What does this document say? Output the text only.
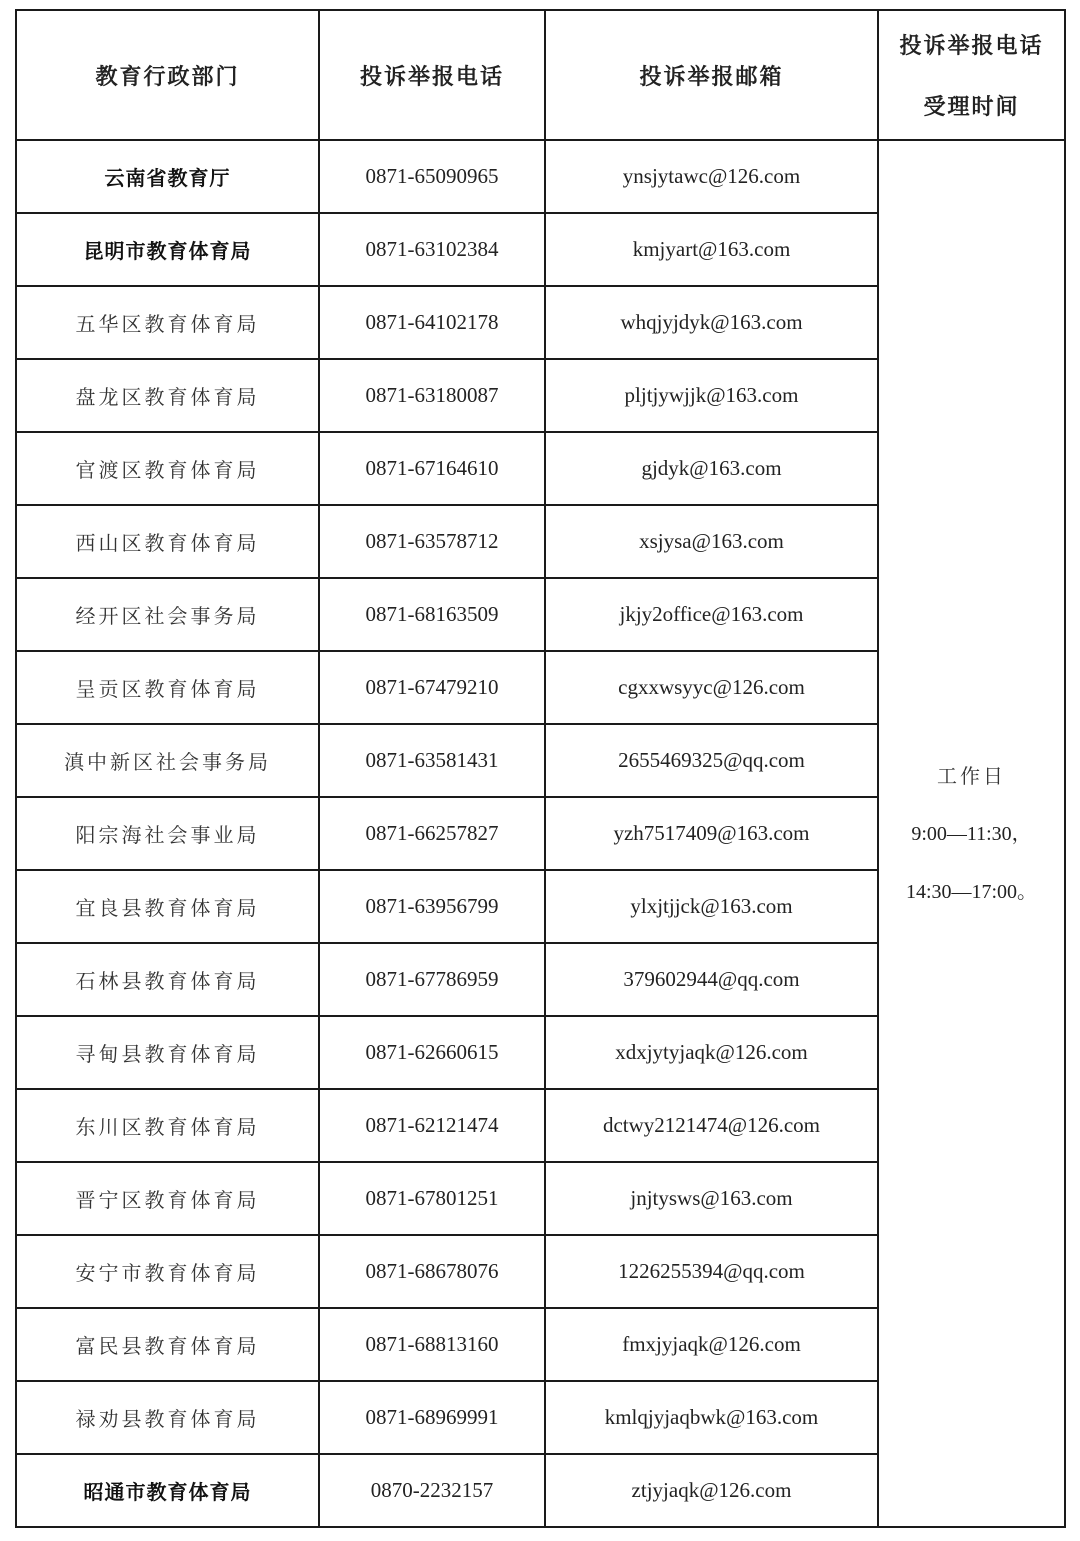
教育行政部门	投诉举报电话	投诉举报邮箱	投诉举报电话
受理时间

云南省教育厅	0871-65090965	ynsjytawc@126.com	工作日
9:00—11:30，
14:30—17:00。

昆明市教育体育局	0871-63102384	kmjyart@163.com	
五华区教育体育局	0871-64102178	whqjyjdyk@163.com	
盘龙区教育体育局	0871-63180087	pljtjywjjk@163.com	
官渡区教育体育局	0871-67164610	gjdyk@163.com	
西山区教育体育局	0871-63578712	xsjysa@163.com	
经开区社会事务局	0871-68163509	jkjy2office@163.com	
呈贡区教育体育局	0871-67479210	cgxxwsyyc@126.com	
滇中新区社会事务局	0871-63581431	2655469325@qq.com	
阳宗海社会事业局	0871-66257827	yzh7517409@163.com	
宜良县教育体育局	0871-63956799	ylxjtjjck@163.com	
石林县教育体育局	0871-67786959	379602944@qq.com	
寻甸县教育体育局	0871-62660615	xdxjytyjaqk@126.com	
东川区教育体育局	0871-62121474	dctwy2121474@126.com	
晋宁区教育体育局	0871-67801251	jnjtysws@163.com	
安宁市教育体育局	0871-68678076	1226255394@qq.com	
富民县教育体育局	0871-68813160	fmxjyjaqk@126.com	
禄劝县教育体育局	0871-68969991	kmlqjyjaqbwk@163.com	
昭通市教育体育局	0870-2232157	ztjyjaqk@126.com	
